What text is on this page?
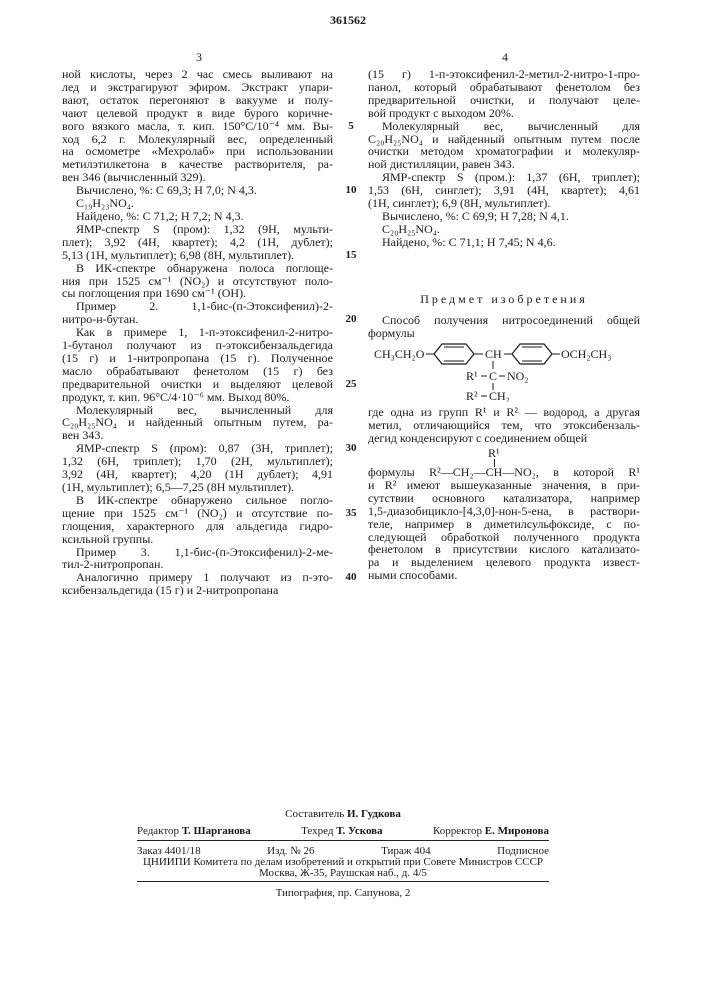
361562
3	4
ной кислоты, через 2 час смесь выливают на
лед и экстрагируют эфиром. Экстракт упари-
вают, остаток перегоняют в вакууме и полу-
чают целевой продукт в виде бурого коричне-
вого вязкого масла, т. кип. 150°C/10⁻⁴ мм. Вы-
ход 6,2 г. Молекулярный вес, определенный
на осмометре «Мехролаб» при использовании
метилэтилкетона в качестве растворителя, ра-
вен 346 (вычисленный 329).
Вычислено, %: C 69,3; H 7,0; N 4,3.
C₁₉H₂₃NO₄.
Найдено, %: C 71,2; H 7,2; N 4,3.
ЯМР-спектр S (пром): 1,32 (9H, мульти-
плет); 3,92 (4H, квартет); 4,2 (1H, дублет);
5,13 (1H, мультиплет); 6,98 (8H, мультиплет).
В ИК-спектре обнаружена полоса поглоще-
ния при 1525 см⁻¹ (NO₂) и отсутствуют поло-
сы поглощения при 1690 см⁻¹ (OH).
Пример 2. 1,1-бис-(п-Этоксифенил)-2-
нитро-н-бутан.
Как в примере 1, 1-п-этоксифенил-2-нитро-
1-бутанол получают из п-этоксибензальдегида
(15 г) и 1-нитропропана (15 г). Полученное
масло обрабатывают фенетолом (15 г) без
предварительной очистки и выделяют целевой
продукт, т. кип. 96°C/4·10⁻⁶ мм. Выход 80%.
Молекулярный вес, вычисленный для
C₂₀H₂₅NO₄ и найденный опытным путем, ра-
вен 343.
ЯМР-спектр S (пром): 0,87 (3H, триплет);
1,32 (6H, триплет); 1,70 (2H, мультиплет);
3,92 (4H, квартет); 4,20 (1H дублет); 4,91
(1H, мультиплет); 6,5—7,25 (8H мультиплет).
В ИК-спектре обнаружено сильное погло-
щение при 1525 см⁻¹ (NO₂) и отсутствие по-
глощения, характерного для альдегида гидро-
ксильной группы.
Пример 3. 1,1-бис-(п-Этоксифенил)-2-ме-
тил-2-нитропропан.
Аналогично примеру 1 получают из п-это-
ксибензальдегида (15 г) и 2-нитропропана
5
10
15
20
25
30
35
40
(15 г) 1-п-этоксифенил-2-метил-2-нитро-1-про-
панол, который обрабатывают фенетолом без
предварительной очистки, и получают целе-
вой продукт с выходом 20%.
Молекулярный вес, вычисленный для
C₂₀H₂₅NO₄ и найденный опытным путем после
очистки методом хроматографии и молекуляр-
ной дистилляции, равен 343.
ЯМР-спектр S (пром.): 1,37 (6H, триплет);
1,53 (6H, синглет); 3,91 (4H, квартет); 4,61
(1H, синглет); 6,9 (8H, мультиплет).
Вычислено, %: C 69,9; H 7,28; N 4,1.
C₂₀H₂₅NO₄.
Найдено, %: C 71,1; H 7,45; N 4,6.
Предмет изобретения
Способ получения нитросоединений общей
формулы
CH₃CH₂O	CH	OCH₂CH₃
R¹ C NO₂
R² CH₂
где одна из групп R¹ и R² — водород, а другая
метил, отличающийся тем, что этоксибензаль-
дегид конденсируют с соединением общей
R¹
формулы R²—CH₂—CH—NO₂, в которой R¹
и R² имеют вышеуказанные значения, в при-
сутствии основного катализатора, например
1,5-диазобицикло-[4,3,0]-нон-5-ена, в раствори-
теле, например в диметилсульфоксиде, с по-
следующей обработкой полученного продукта
фенетолом в присутствии кислого катализато-
ра и выделением целевого продукта извест-
ными способами.
Составитель И. Гудкова
Редактор Т. Шарганова	Техред Т. Ускова	Корректор Е. Миронова
Заказ 4401/18	Изд. № 26	Тираж 404	Подписное
ЦНИИПИ Комитета по делам изобретений и открытий при Совете Министров СССР
Москва, Ж-35, Раушская наб., д. 4/5
Типография, пр. Сапунова, 2
